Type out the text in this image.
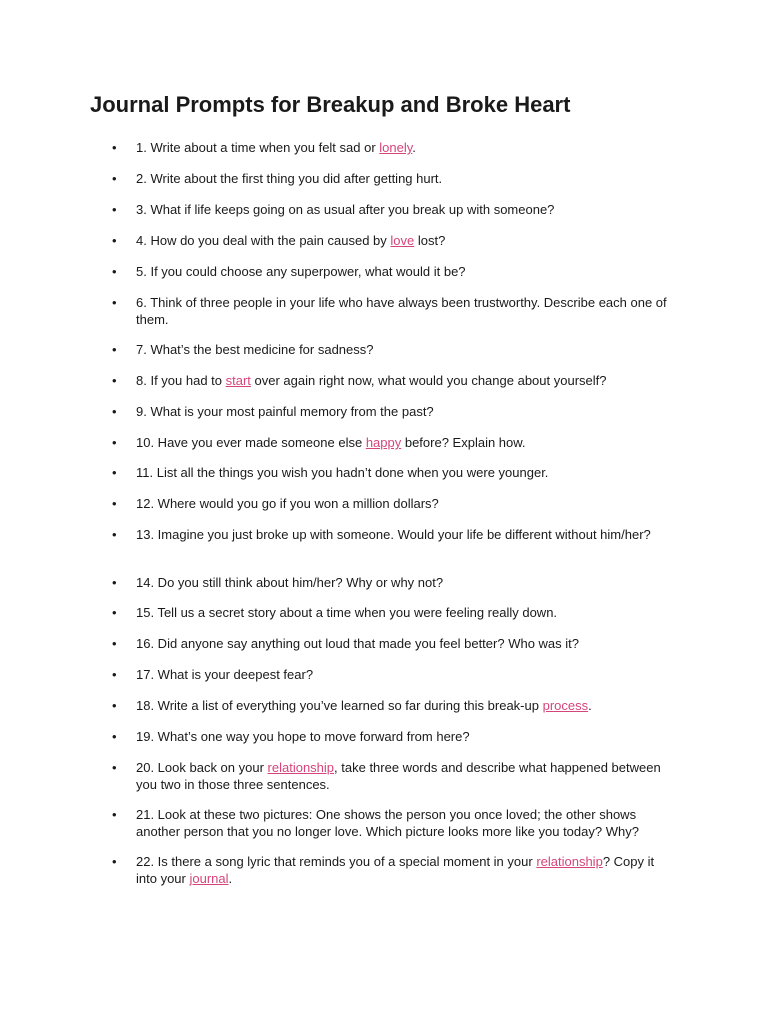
Journal Prompts for Breakup and Broke Heart
•	1. Write about a time when you felt sad or lonely.
•	2. Write about the first thing you did after getting hurt.
•	3. What if life keeps going on as usual after you break up with someone?
•	4. How do you deal with the pain caused by love lost?
•	5. If you could choose any superpower, what would it be?
•	6. Think of three people in your life who have always been trustworthy. Describe each one of them.
•	7. What’s the best medicine for sadness?
•	8. If you had to start over again right now, what would you change about yourself?
•	9. What is your most painful memory from the past?
•	10. Have you ever made someone else happy before? Explain how.
•	11. List all the things you wish you hadn’t done when you were younger.
•	12. Where would you go if you won a million dollars?
•	13. Imagine you just broke up with someone. Would your life be different without him/her?
•	14. Do you still think about him/her? Why or why not?
•	15. Tell us a secret story about a time when you were feeling really down.
•	16. Did anyone say anything out loud that made you feel better? Who was it?
•	17. What is your deepest fear?
•	18. Write a list of everything you’ve learned so far during this break-up process.
•	19. What’s one way you hope to move forward from here?
•	20. Look back on your relationship, take three words and describe what happened between you two in those three sentences.
•	21. Look at these two pictures: One shows the person you once loved; the other shows another person that you no longer love. Which picture looks more like you today? Why?
•	22. Is there a song lyric that reminds you of a special moment in your relationship? Copy it into your journal.
